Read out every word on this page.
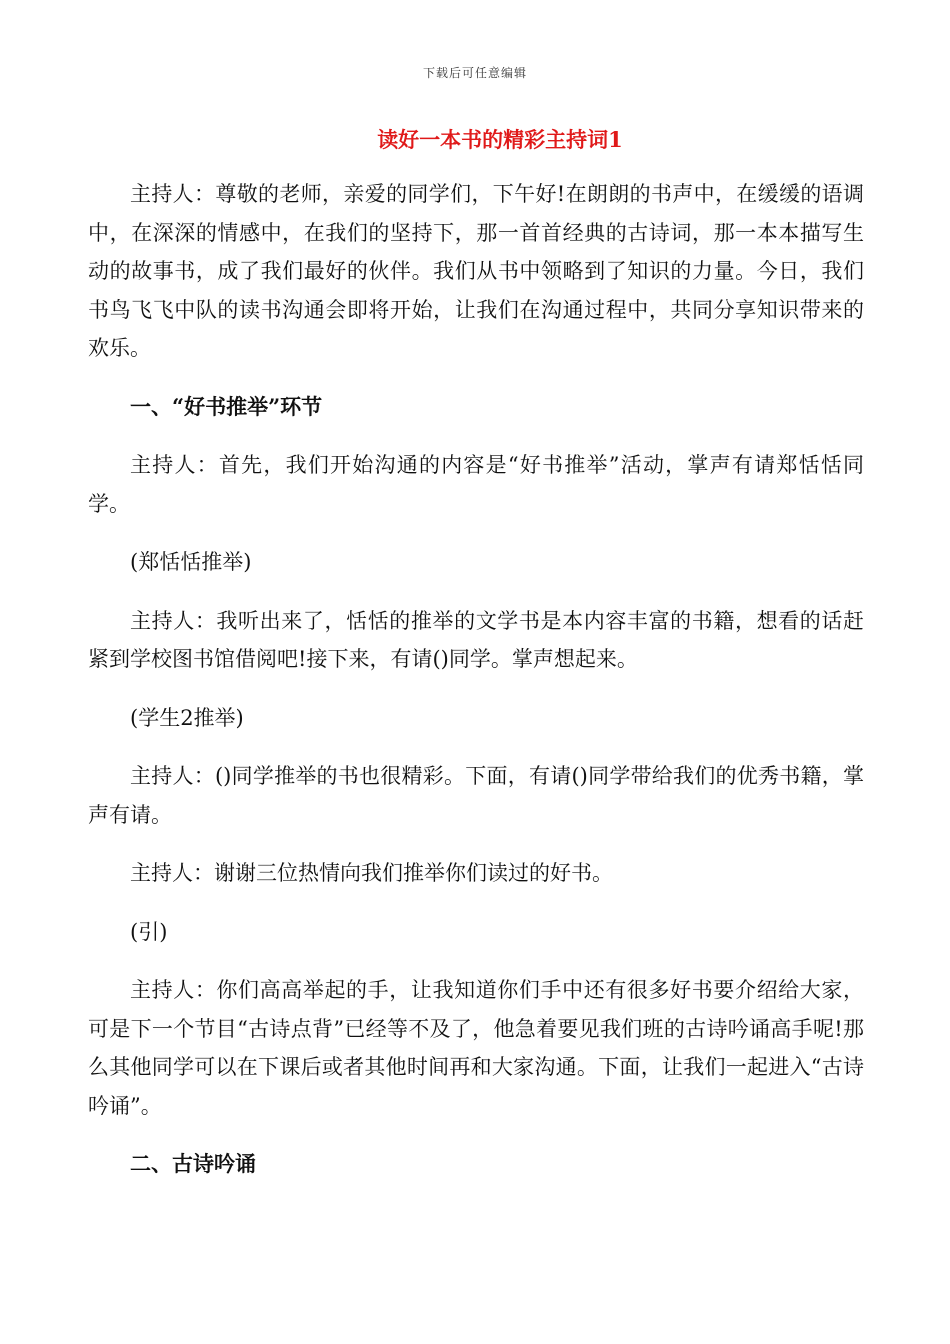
下载后可任意编辑
读好一本书的精彩主持词1

主持人：尊敬的老师，亲爱的同学们，下午好!在朗朗的书声中，在缓缓的语调中，在深深的情感中，在我们的坚持下，那一首首经典的古诗词，那一本本描写生动的故事书，成了我们最好的伙伴。我们从书中领略到了知识的力量。今日，我们书鸟飞飞中队的读书沟通会即将开始，让我们在沟通过程中，共同分享知识带来的欢乐。

一、“好书推举”环节

主持人：首先，我们开始沟通的内容是“好书推举”活动，掌声有请郑恬恬同学。

(郑恬恬推举)

主持人：我听出来了，恬恬的推举的文学书是本内容丰富的书籍，想看的话赶紧到学校图书馆借阅吧!接下来，有请()同学。掌声想起来。

(学生2推举)

主持人：()同学推举的书也很精彩。下面，有请()同学带给我们的优秀书籍，掌声有请。

主持人：谢谢三位热情向我们推举你们读过的好书。

(引)

主持人：你们高高举起的手，让我知道你们手中还有很多好书要介绍给大家，可是下一个节目“古诗点背”已经等不及了，他急着要见我们班的古诗吟诵高手呢!那么其他同学可以在下课后或者其他时间再和大家沟通。下面，让我们一起进入“古诗吟诵”。

二、古诗吟诵
